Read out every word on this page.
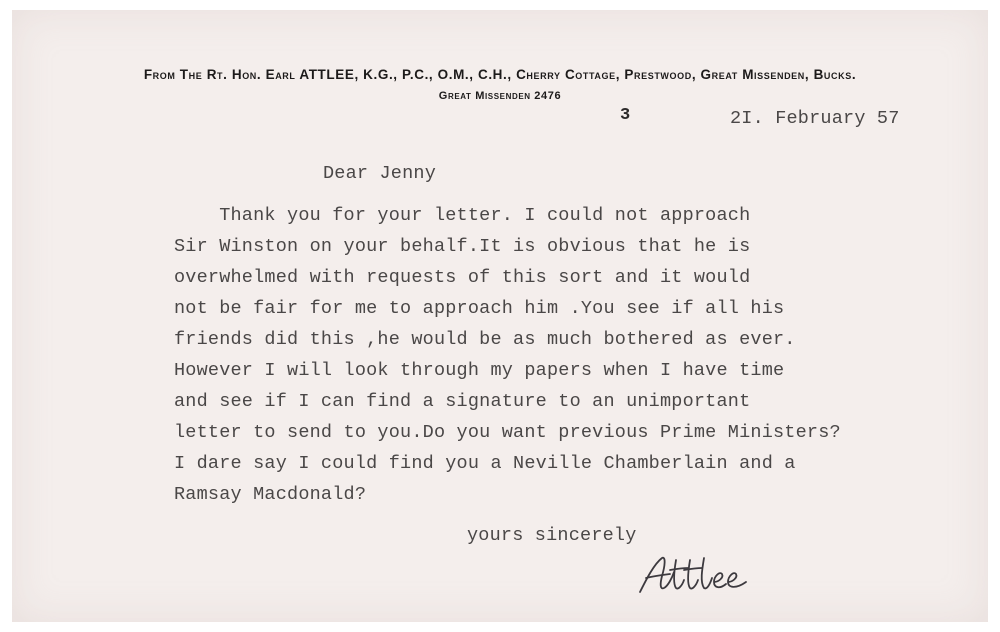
From The Rt. Hon. Earl ATTLEE, K.G., P.C., O.M., C.H., Cherry Cottage, Prestwood, Great Missenden, Bucks.
Great Missenden 2476
3	2I. February 57
Dear Jenny
Thank you for your letter. I could not approach
Sir Winston on your behalf.It is obvious that he is
overwhelmed with requests of this sort and it would
not be fair for me to approach him .You see if all his
friends did this ,he would be as much bothered as ever.
However I will look through my papers when I have time
and see if I can find a signature to an unimportant
letter to send to you.Do you want previous Prime Ministers?
I dare say I could find you a Neville Chamberlain and a
Ramsay Macdonald?
yours sincerely
